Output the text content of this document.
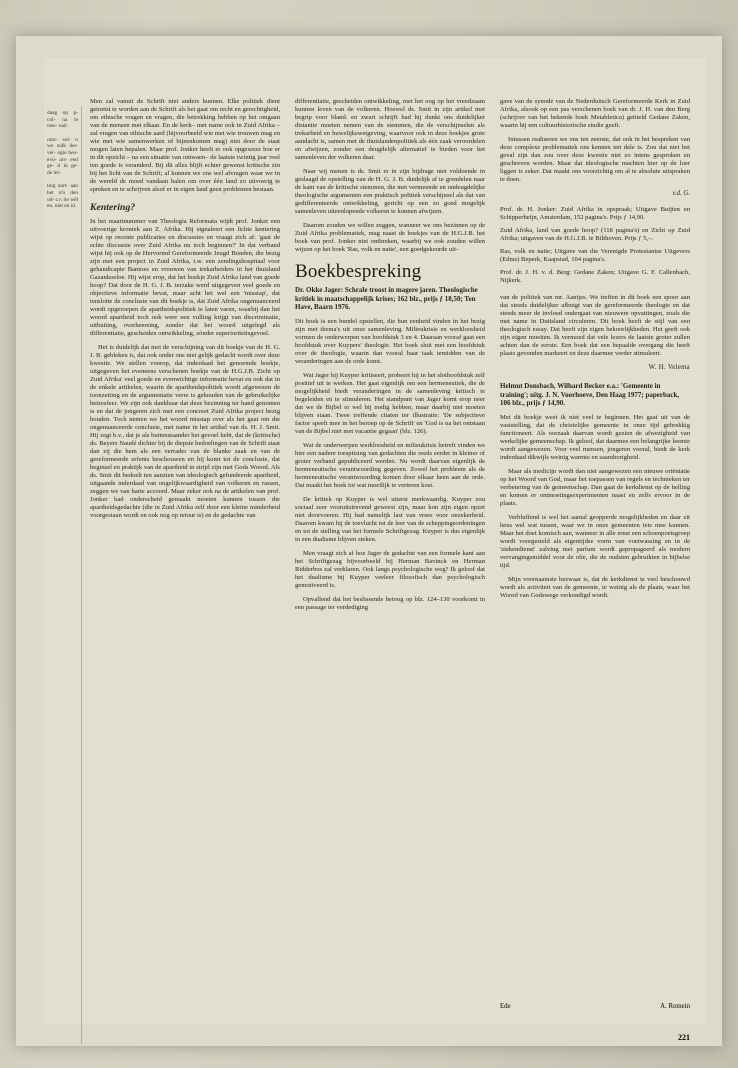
daag op p-cul- na ie otse- nair

ontc- sol- n we zulk der- ver- ogie heo- evo- ars- end ge- d in ge- de lei-

ting uurt- aan het o'n den od- t.v. tie wêl en. niet en id.

Men zal vanuit de Schrift niet anders kunnen. Elke politiek dient getoetst te worden aan de Schrift als het gaat om recht en gerechtigheid, om ethische vragen en vragen, die betrekking hebben op het omgaan van de mensen met elkaar. En de kerk– met name ook in Zuid Afrika – zal vragen van ethische aard (bijvoorbeeld wie met wie trouwen mag en wie met wie samenwerken of bijeenkomen mag) niet door de staat mogen laten bepalen. Maar prof. Jonker heeft er ook opgeweze hoe er in dit opzicht – na een situatie van ontwaen– de laatste twintig jaar veel ten goede is veranderd. Bij dit alles blijft echter gewenst kritische zin bij het licht van de Schrift; al kunnen we ons wel afvragen waar we in de wereld de moed vandaan halen om over één land zo uitvoerig te spreken en te schrijven alsof er in eigen land geen problemen bestaan.

Kentering?

In het maartnummer van Theologia Reformata wijdt prof. Jonker een uitvoerige kroniek aan Z. Afrika. Hij signaleert een lichte kentering wijst op recente publicaties en discussies en vraagt zich af: 'gaat de echte discussie over Zuid Afrika nu toch beginnen?' In dat verband wijst hij ook op de Hervormd Gereformeerde Jeugd Bonden, die bezig zijn met een project in Zuid Afrika, t.w. een zendingshospitaal voor gehandicapte Bantoes en vrouwen van trekarbeiders in het thuisland Gazankoeloe. Hij wijst erop, dat het boekje Zuid Afrika land van goede hoop? Dat door de H. G. J. B. terzake werd uitgegeven veel goede en objectieve informatie bevat, maar acht het wel een 'misstap', dat tenslotte de conclusie van dit boekje is, dat Zuid Afrika ongenuanceerd wordt opgeroepen de apartheidspolitiek te laten varen, waarbij dan het woord apartheid toch ook weer een vulling krijgt van discriminatie, uitbuiting, overheersing, zonder dat het woord uitgelegd als differentiatie, gescheiden ontwikkeling, zónder superioriteitsgevoel.

Het is duidelijk dat met de verschijning van dit boekje van de H. G. J. B. gebleken is, dat ook onder ons niet gelijk gedacht wordt over deze kwestie. We stellen voorop, dat inderdaad het genoemde boekje, uitgegeven het eveneens verschenen boekje van de H.G.J.B. Zicht op Zuid Afrika' veel goede en evenwichtige informatie bevat en ook dat in de enkele artikelen, waarin de apartheidspolitiek wordt afgewezen de toonzetting en de argumentatie verre is gehouden van de gebruikelijke hetzesfeer. We zijn ook dankbaar dat deze bezinning ter hand genomen is en dat de jongeren zich met een concreet Zuid Afrika project bezig houden. Toch nemen we het woord misstap over als het gaat om die ongenuanceerde conclusie, met name in het artikel van ds. H. J. Smit. Hij zegt b.v., dat je als buitenstaander het gevoel hebt, dat de (kritische) ds. Beyers Naudé dichter bij de diepste bedoelingen van de Schrift staat dan zij die hem als een verrader van de blanke zaak en van de gereformeerde erfenis beschouwen en hij komt tot de conclusie, dat beginsel en praktijk van de apartheid in strijd zijn met Gods Woord. Als ds. Smit dit bedoelt ten aanzien van ideologisch gefundeerde apartheid, uitgaande inderdaad van ongelijkwaardigheid van volkeren en rassen, zeggen we van harte accoord. Maar zeker ook na de artikelen van prof. Jonker had onderscheid gemaakt moeten kunnen tussen die apartheidsgedachte (die in Zuid Afrika zelf door een kleine minderheid voorgestaan wordt en ook nog op retour is) en de gedachte van

differentiatie, gescheiden ontwikkeling, met het oog op het vreedzaam kunnen leven van de volkeren. Hoewel ds. Smit in zijn artikel met begrip voor bland. en zwart schrijft had hij dunkt ons duidelijker distantie moeten nemen van de stemmen, die de verschijnselen als trekarbeid en huwelijkswetgeving, waarvoor ook in deze boekjes grote aandacht is, samen met de thuislandenpolitiek als één zaak veroordelen en afwijzen, zonder een deugdelijk alternatief te bieden voor het samenleven der volkeren daar.

Naar wij menen is ds. Smit er in zijn bijdrage niet voldoende in geslaagd de opstelling van de H. G. J. B. duidelijk af te grendelen naar de kant van de kritische stemmen, die met vermeende en ondeugdelijke theologische argumenten een praktisch politiek verschijnsel als dat van gedifferenteerde ontwikkeling, gericht op een zo goed mogelijk samenleven uiteenlopende volkeren te kunnen afwijzen.

Daarom zouden we willen zeggen, wanneer we ons bezinnen op de Zuid Afrika problematiek, mag naast de boekjes van de H.G.J.B. het boek van prof. Jonker niet ontbreken, waarbij we ook zouden willen wijzen op het boek 'Ras, volk en natie', een goedgekeurde uit-

Boekbespreking
Dr. Okke Jager: Schrale troost in magere jaren. Theologische kritiek in maatschappelijk krises; 162 blz., prijs ƒ 18,50; Ten Have, Baarn 1976.

Dit boek is een bundel opstellen, die hun eenheid vinden in het bezig zijn met thema's uit onze samenleving. Milieukrisis en werkloosheid vormen de onderwerpen van hoofdstuk 3 en 4. Daaraan vooraf gaat een hoofdstuk over Kuypers' theologie. Het boek sluit met een hoofdstuk over de theologie, waarin dan vooral haar taak temidden van de veranderingen aan de orde komt.

Wat Jager bij Kuyper kritiseert, probeert hij in het slothoofdstuk zelf positief uit te werken. Het gaat eigenlijk om een hermeneutiek, die de mogelijkheid biedt veranderingen in de samenleving kritisch te begeleiden en te stimuleren. Het standpunt van Jager komt erop neer dat we de Bijbel er wel bij nodig hebben, maar daarbij niet moeten blijven staan. Twee treffende citaten ter illustratie: 'De subjectieve factor speelt mee in het beroep op de Schrift' en 'God is na het ontstaan van de Bijbel niet met vacantie gegaan' (blz. 126).

Wat de onderwerpen werkloosheid en milieukrisis betreft vinden we hier een nadere toespitsing van gedachten die reeds eerder in kleiner of groter verband gepubliceerd werden. Nu wordt daarvan eigenlijk de hermeneutische verantwoording gegeven. Zowel het probleem als de hermeneutische verantwoording komen door elkaar heen aan de orde. Dat maakt het boek tot wat moeilijk te verteren kost.

De kritiek op Kuyper is wel uiterst merkwaardig. Kuyper zou sociaal zeer vooruitstrevend geweest zijn, maar kon zijn eigen opzet niet doorvoeren. Hij had namelijk last van vrees voor onzekerheid. Daarom kwam hij de toevlucht tot de leer van de scheppingsordeningen en tot de stelling van het formele Schriftgezag. Kuyper is dus eigenlijk in een dualisme blijven steken.

Men vraagt zich af hoe Jager de gedachte van een formele kant aan het Schriftgezag bijvoorbeeld bij Herman Bavinck en Herman Ridderbos zal verklaren. Ook langs psychologische weg? Ik geloof dat het dualisme bij Kuyper veeleer filosofisch dan psychologisch gemotiveerd is.

Opvallend dat het beslissende betoog op blz. 124–130 voorkomt in een passage ter verdediging

gave van de synode van de Nederduitsch Gereformeerde Kerk in Zuid Afrika, alsook op een pas verschenen boek van dr. J. H. van den Berg (schrijver van het bekende boek Metabletica) getiteld Gedane Zaken, waarin hij een cultuurhistorische studie geeft.

Intussen realiseren we ons ten zeerste, dat ook in het bespreken van deze complexe problematiek ons kennen ten dele is. Zou dat niet het geval zijn dan zou over deze kwestie niet zo intens gesproken en geschreven worden. Maar dat ideologische machten hier op de loer liggen is zeker. Dat maakt ons voorzichtig om al te absolute uitspraken te doen.

v.d. G.

Prof. dr. H. Jonker: Zuid Afrika in opspraak; Uitgave Buijten en Schipperheijn, Amsterdam, 152 pagina's. Prijs ƒ 14,90.

Zuid Afrika, land van goede hoop? (118 pagina's) en Zicht op Zuid Afrika; uitgaven van de H.G.J.B. te Bilthoven. Prijs ƒ 5,–.

Ras, volk en natie; Uitgave van die Verenigde Protestantse Uitgevers (Edms) Beperk, Kaapstad, 104 pagina's.

Prof. dr. J. H. v. d. Berg: Gedane Zaken; Uitgave G. F. Callenbach, Nijkerk.

van de politiek van mr. Aantjes. We treffen in dit boek een spoor aan dat steeds duidelijker afbuigt van de gereformeerde theologie en dat steeds meer de invloed ondergaat van nieuwere opvattingen, zoals die met name in Duitsland circuleren. Dit boek heeft de stijl van een theologisch essay. Dat heeft zijn eigen bekoorlijkheden. Het geeft ook zijn eigen moeiten. Ik vermoed dat vele lezers de laatste groter zullen achten dan de eerste. Een boek dat een bepaalde overgang die heeft plaats gevonden markeert en deze daarmee verder stimuleert.

W. H. Velema
Helmut Donsbach, Wilhard Becker e.a.: 'Gemeente in training'; uitg. J. N. Voorhoeve, Den Haag 1977; paperback, 106 blz., prijs ƒ 14,90.

Met dit boekje weet ik niet veel te beginnen. Het gaat uit van de vaststelling, dat de christelijke gemeente in onze tijd gebrekkig functioneert. Als oorzaak daarvan wordt gezien de afwezigheid van werkelijke gemeenschap. Ik geloof, dat daarmee een belangrijke leemte wordt aangewezen. Voor veel mensen, jongeren vooral, biedt de kerk inderdaad dikwijls weinig warmte en saamhorigheid.

Maar als medicijn wordt dan niet aangewezen een nieuwe oriëntatie op het Woord van God, maar het toepassen van regels en technieken ter verbetering van de gemeenschap. Dan gaat de kerkdienst op de helling en komen er ontmoetingsexperimenten naast en zelfs ervoor in de plaats.

Verbluffend is wel het aantal geopperde mogelijkheden en daar zit heus wel wat tussen, waar we in onze gemeenten iets mee kunnen. Maar het doet komisch aan, wanneer in alle ernst een schoenpoetsgroep wordt voorgesteld als eigentijdse vorm van voetwassing en in de 'ziekendienst' zalving met parfum wordt gepropageerd als modern vervangingsmiddel voor de olie, die de oudsten gebruikten in bijbelse tijd.

Mijn voornaamste bezwaar is, dat de kerkdienst te veel beschouwd wordt als activiteit van de gemeente, te weinig als de plaats, waar het Woord van Godswege verkondigd wordt.

Ede	A. Romein
221
